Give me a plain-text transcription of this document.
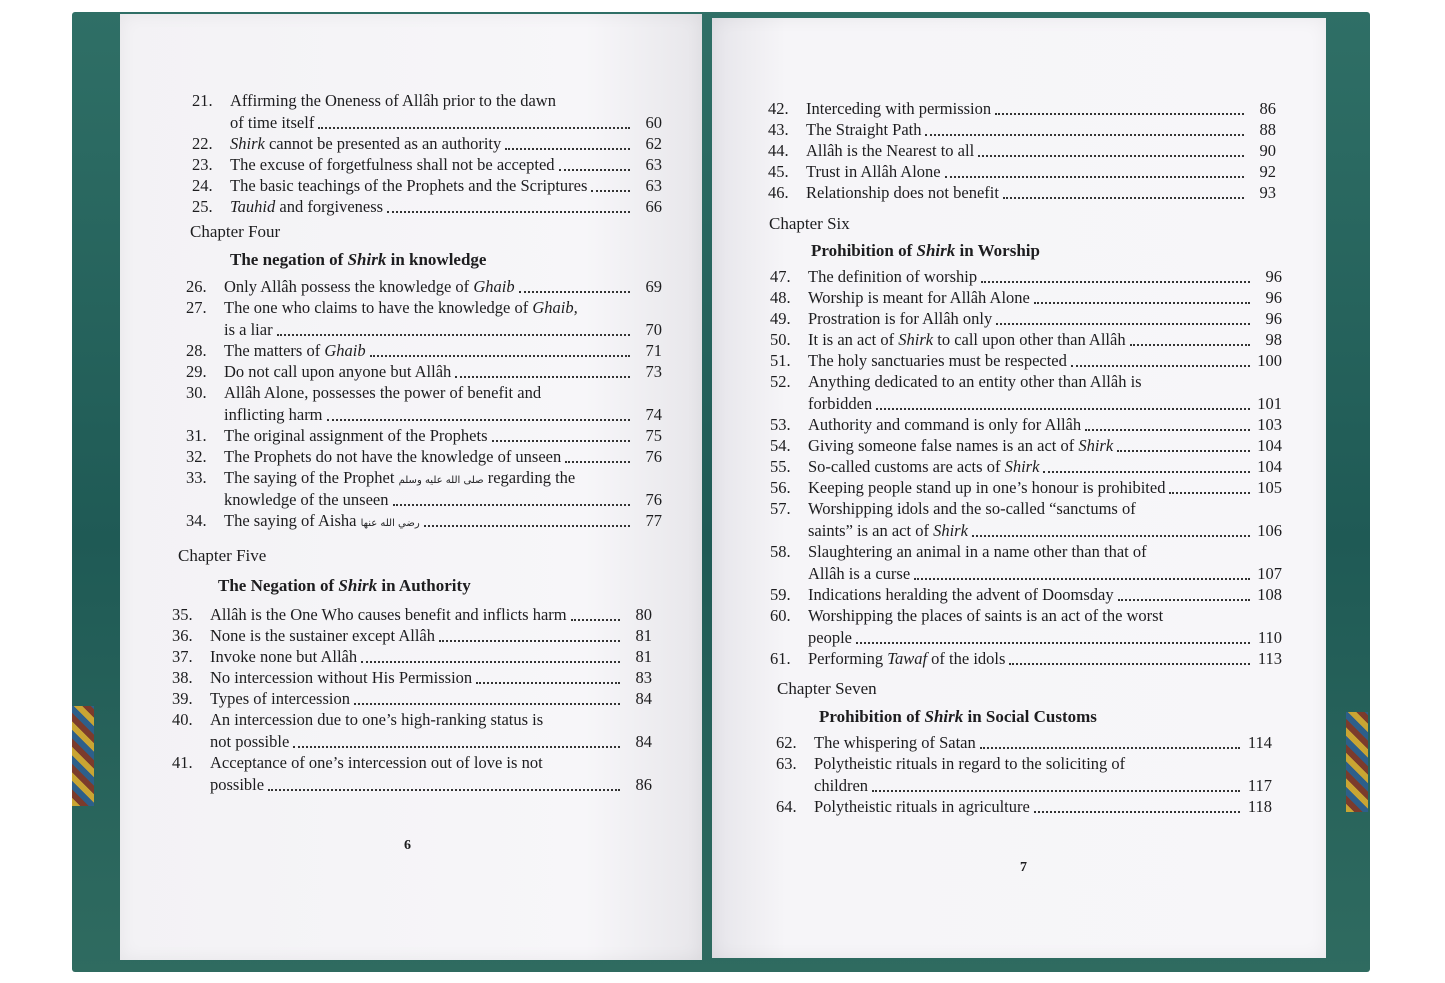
21.	Affirming the Oneness of Allâh prior to the dawn
of time itself	60
22.	Shirk cannot be presented as an authority	62
23.	The excuse of forgetfulness shall not be accepted	63
24.	The basic teachings of the Prophets and the Scriptures	63
25.	Tauhid and forgiveness	66
Chapter Four
The negation of Shirk in knowledge
26.	Only Allâh possess the knowledge of Ghaib	69
27.	The one who claims to have the knowledge of Ghaib,
is a liar	70
28.	The matters of Ghaib	71
29.	Do not call upon anyone but Allâh	73
30.	Allâh Alone, possesses the power of benefit and
inflicting harm	74
31.	The original assignment of the Prophets	75
32.	The Prophets do not have the knowledge of unseen	76
33.	The saying of the Prophet صلى الله عليه وسلم regarding the
knowledge of the unseen	76
34.	The saying of Aisha رضي الله عنها	77
Chapter Five
The Negation of Shirk in Authority
35.	Allâh is the One Who causes benefit and inflicts harm	80
36.	None is the sustainer except Allâh	81
37.	Invoke none but Allâh	81
38.	No intercession without His Permission	83
39.	Types of intercession	84
40.	An intercession due to one’s high-ranking status is
not possible	84
41.	Acceptance of one’s intercession out of love is not
possible	86
6
42.	Interceding with permission	86
43.	The Straight Path	88
44.	Allâh is the Nearest to all	90
45.	Trust in Allâh Alone	92
46.	Relationship does not benefit	93
Chapter Six
Prohibition of Shirk in Worship
47.	The definition of worship	96
48.	Worship is meant for Allâh Alone	96
49.	Prostration is for Allâh only	96
50.	It is an act of Shirk to call upon other than Allâh	98
51.	The holy sanctuaries must be respected	100
52.	Anything dedicated to an entity other than Allâh is
forbidden	101
53.	Authority and command is only for Allâh	103
54.	Giving someone false names is an act of Shirk	104
55.	So-called customs are acts of Shirk	104
56.	Keeping people stand up in one’s honour is prohibited	105
57.	Worshipping idols and the so-called “sanctums of
saints” is an act of Shirk	106
58.	Slaughtering an animal in a name other than that of
Allâh is a curse	107
59.	Indications heralding the advent of Doomsday	108
60.	Worshipping the places of saints is an act of the worst
people	110
61.	Performing Tawaf of the idols	113
Chapter Seven
Prohibition of Shirk in Social Customs
62.	The whispering of Satan	114
63.	Polytheistic rituals in regard to the soliciting of
children	117
64.	Polytheistic rituals in agriculture	118
7
